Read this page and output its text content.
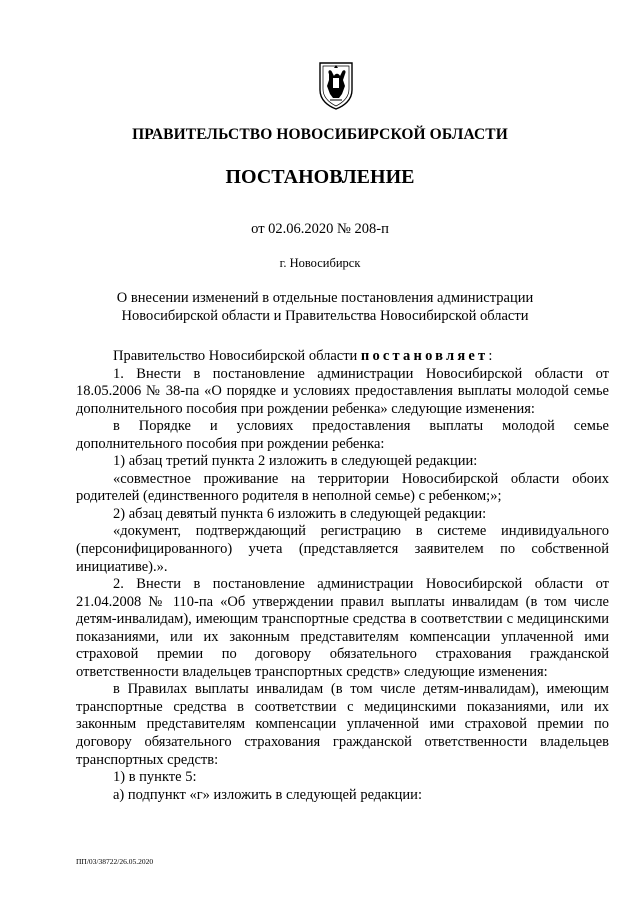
ПРАВИТЕЛЬСТВО НОВОСИБИРСКОЙ ОБЛАСТИ
ПОСТАНОВЛЕНИЕ
от 02.06.2020 № 208-п
г. Новосибирск
О внесении изменений в отдельные постановления администрации Новосибирской области и Правительства Новосибирской области

Правительство Новосибирской области постановляет:

1. Внести в постановление администрации Новосибирской области от 18.05.2006 № 38-па «О порядке и условиях предоставления выплаты молодой семье дополнительного пособия при рождении ребенка» следующие изменения:

в Порядке и условиях предоставления выплаты молодой семье дополнительного пособия при рождении ребенка:

1) абзац третий пункта 2 изложить в следующей редакции:

«совместное проживание на территории Новосибирской области обоих родителей (единственного родителя в неполной семье) с ребенком;»;

2) абзац девятый пункта 6 изложить в следующей редакции:

«документ, подтверждающий регистрацию в системе индивидуального (персонифицированного) учета (представляется заявителем по собственной инициативе).».

2. Внести в постановление администрации Новосибирской области от 21.04.2008 № 110-па «Об утверждении правил выплаты инвалидам (в том числе детям-инвалидам), имеющим транспортные средства в соответствии с медицинскими показаниями, или их законным представителям компенсации уплаченной ими страховой премии по договору обязательного страхования гражданской ответственности владельцев транспортных средств» следующие изменения:

в Правилах выплаты инвалидам (в том числе детям-инвалидам), имеющим транспортные средства в соответствии с медицинскими показаниями, или их законным представителям компенсации уплаченной ими страховой премии по договору обязательного страхования гражданской ответственности владельцев транспортных средств:

1) в пункте 5:

а) подпункт «г» изложить в следующей редакции:

ПП/03/38722/26.05.2020
